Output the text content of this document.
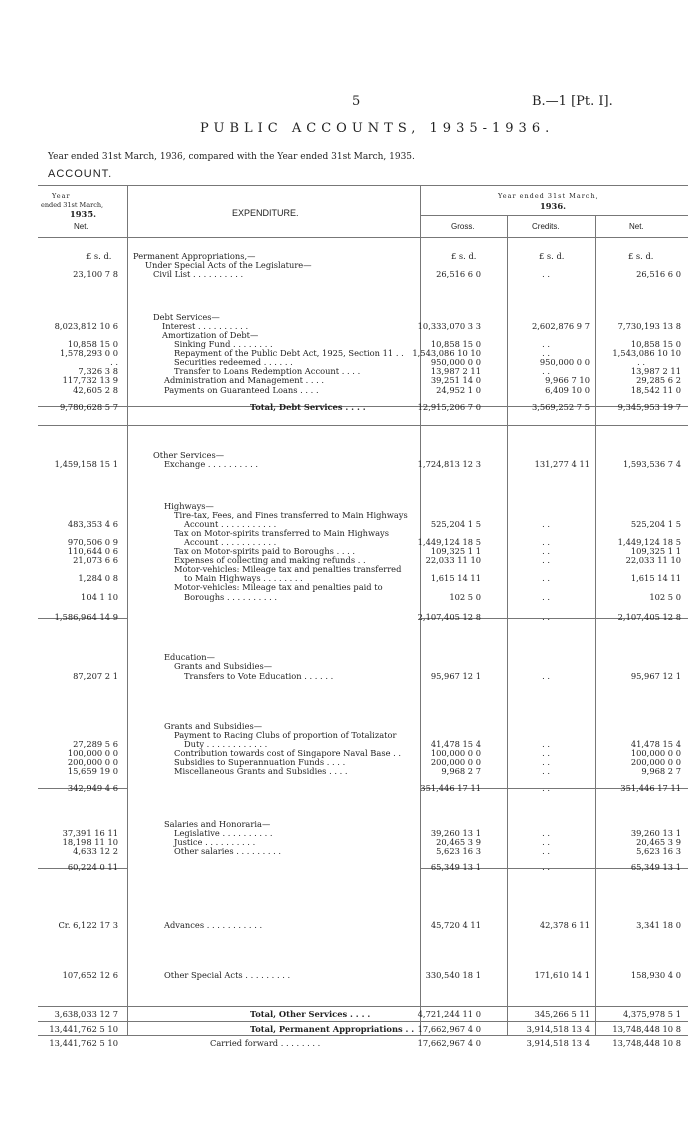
5	B.—1 [Pt. I].
PUBLIC ACCOUNTS, 1935-1936.
Year ended 31st March, 1936, compared with the Year ended 31st March, 1935.
ACCOUNT.
Year
ended 31st March,
1935.
Net.
EXPENDITURE.
Year ended 31st March,
1936.
Gross.	Credits.	Net.
£ s. d.	£ s. d.	£ s. d.	£ s. d.
Permanent Appropriations,—
Under Special Acts of the Legislature—
23,100 7 8	Civil List . . . . . . . . . .	26,516 6 0	. .	26,516 6 0
Debt Services—
8,023,812 10 6	Interest . . . . . . . . . .	10,333,070 3 3	2,602,876 9 7	7,730,193 13 8
Amortization of Debt—
10,858 15 0	Sinking Fund . . . . . . . .	10,858 15 0	. .	10,858 15 0
1,578,293 0 0	Repayment of the Public Debt Act, 1925, Section 11 . . 1,543,086 10 10	. .	1,543,086 10 10
. .	Securities redeemed . . . . . .	950,000 0 0	950,000 0 0	. .
7,326 3 8	Transfer to Loans Redemption Account . . . .	13,987 2 11	. .	13,987 2 11
117,732 13 9	Administration and Management . . . .	39,251 14 0	9,966 7 10	29,285 6 2
42,605 2 8	Payments on Guaranteed Loans . . . .	24,952 1 0	6,409 10 0	18,542 11 0
9,780,628 5 7	Total, Debt Services . . . .	12,915,206 7 0	3,569,252 7 5	9,345,953 19 7
Other Services—
1,459,158 15 1	Exchange . . . . . . . . . .	1,724,813 12 3	131,277 4 11	1,593,536 7 4
Highways—
Tire-tax, Fees, and Fines transferred to Main Highways
483,353 4 6	Account . . . . . . . . . . .	525,204 1 5	. .	525,204 1 5
Tax on Motor-spirits transferred to Main Highways
970,506 0 9	Account . . . . . . . . . . .	1,449,124 18 5	. .	1,449,124 18 5
110,644 0 6	Tax on Motor-spirits paid to Boroughs . . . .	109,325 1 1	. .	109,325 1 1
21,073 6 6	Expenses of collecting and making refunds . .	22,033 11 10	. .	22,033 11 10
Motor-vehicles: Mileage tax and penalties transferred
1,284 0 8	to Main Highways . . . . . . . .	1,615 14 11	. .	1,615 14 11
Motor-vehicles: Mileage tax and penalties paid to
104 1 10	Boroughs . . . . . . . . . .	102 5 0	. .	102 5 0
1,586,964 14 9	2,107,405 12 8	. .	2,107,405 12 8
Education—
Grants and Subsidies—
87,207 2 1	Transfers to Vote Education . . . . . .	95,967 12 1	. .	95,967 12 1
Grants and Subsidies—
Payment to Racing Clubs of proportion of Totalizator
27,289 5 6	Duty . . . . . . . . . . . .	41,478 15 4	. .	41,478 15 4
100,000 0 0	Contribution towards cost of Singapore Naval Base . .	100,000 0 0	. .	100,000 0 0
200,000 0 0	Subsidies to Superannuation Funds . . . .	200,000 0 0	. .	200,000 0 0
15,659 19 0	Miscellaneous Grants and Subsidies . . . .	9,968 2 7	. .	9,968 2 7
342,949 4 6	351,446 17 11	. .	351,446 17 11
Salaries and Honoraria—
37,391 16 11	Legislative . . . . . . . . . .	39,260 13 1	. .	39,260 13 1
18,198 11 10	Justice . . . . . . . . . .	20,465 3 9	. .	20,465 3 9
4,633 12 2	Other salaries . . . . . . . . .	5,623 16 3	. .	5,623 16 3
60,224 0 11	65,349 13 1	. .	65,349 13 1
Cr. 6,122 17 3	Advances . . . . . . . . . . .	45,720 4 11	42,378 6 11	3,341 18 0
107,652 12 6	Other Special Acts . . . . . . . . .	330,540 18 1	171,610 14 1	158,930 4 0
3,638,033 12 7	Total, Other Services . . . .	4,721,244 11 0	345,266 5 11	4,375,978 5 1
13,441,762 5 10	Total, Permanent Appropriations . . 17,662,967 4 0	3,914,518 13 4	13,748,448 10 8
13,441,762 5 10	Carried forward . . . . . . . .	17,662,967 4 0	3,914,518 13 4	13,748,448 10 8
